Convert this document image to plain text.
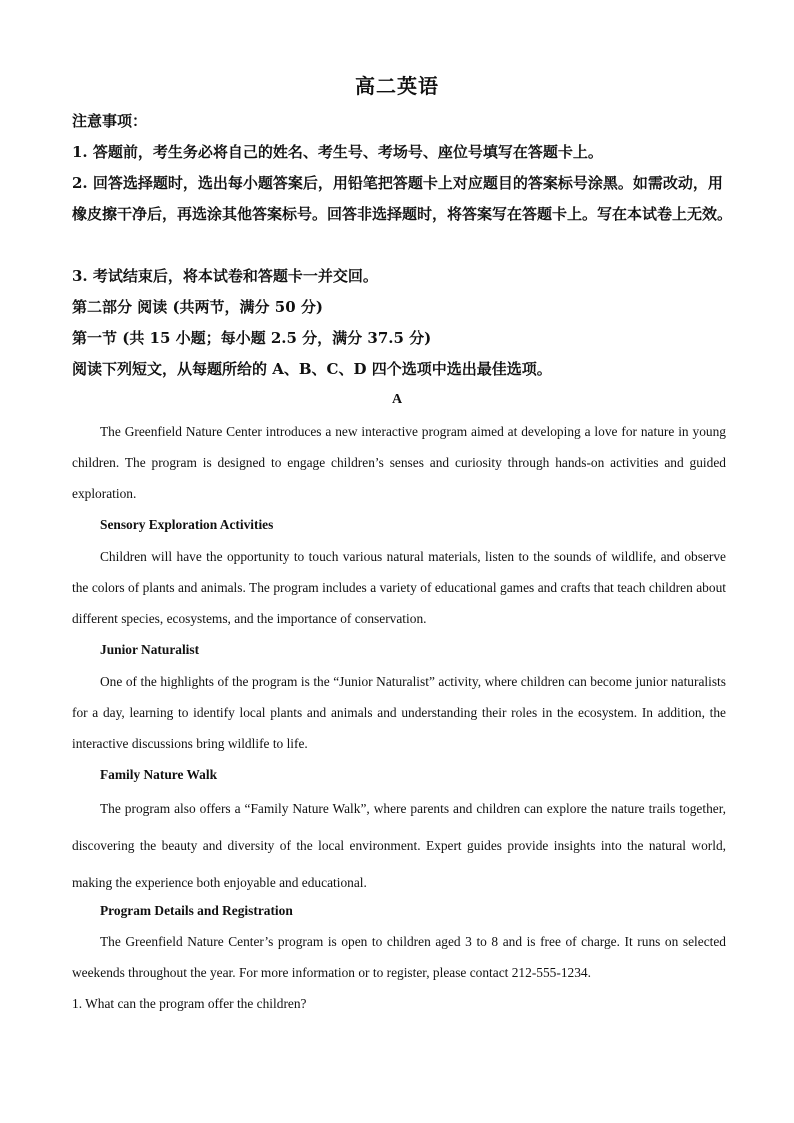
高二英语
注意事项：
1. 答题前，考生务必将自己的姓名、考生号、考场号、座位号填写在答题卡上。
2. 回答选择题时，选出每小题答案后，用铅笔把答题卡上对应题目的答案标号涂黑。如需改动，用橡皮擦干净后，再选涂其他答案标号。回答非选择题时，将答案写在答题卡上。写在本试卷上无效。
3. 考试结束后，将本试卷和答题卡一并交回。
第二部分 阅读 (共两节，满分 50 分)
第一节 (共 15 小题；每小题 2.5 分，满分 37.5 分)
阅读下列短文，从每题所给的 A、B、C、D 四个选项中选出最佳选项。
A
The Greenfield Nature Center introduces a new interactive program aimed at developing a love for nature in young children. The program is designed to engage children’s senses and curiosity through hands-on activities and guided exploration.
Sensory Exploration Activities
Children will have the opportunity to touch various natural materials, listen to the sounds of wildlife, and observe the colors of plants and animals. The program includes a variety of educational games and crafts that teach children about different species, ecosystems, and the importance of conservation.
Junior Naturalist
One of the highlights of the program is the “Junior Naturalist” activity, where children can become junior naturalists for a day, learning to identify local plants and animals and understanding their roles in the ecosystem. In addition, the interactive discussions bring wildlife to life.
Family Nature Walk
The program also offers a “Family Nature Walk”, where parents and children can explore the nature trails together, discovering the beauty and diversity of the local environment. Expert guides provide insights into the natural world, making the experience both enjoyable and educational.
Program Details and Registration
The Greenfield Nature Center’s program is open to children aged 3 to 8 and is free of charge. It runs on selected weekends throughout the year. For more information or to register, please contact 212-555-1234.
1. What can the program offer the children?
